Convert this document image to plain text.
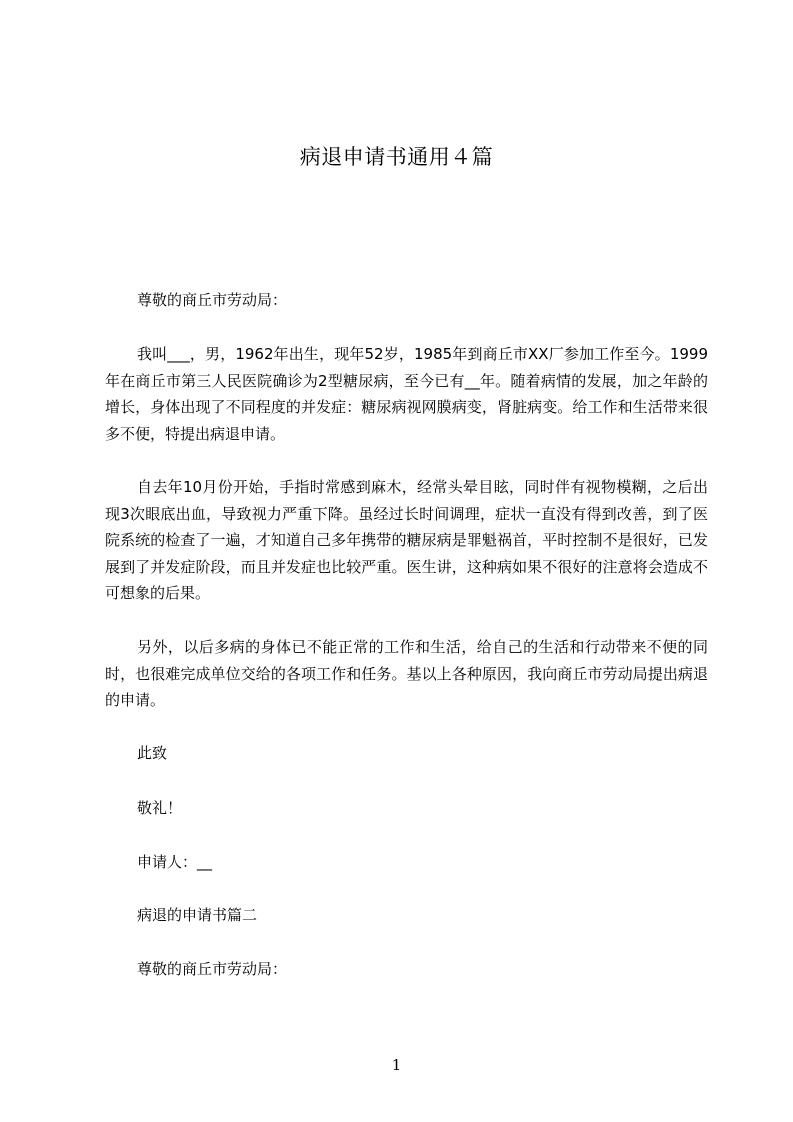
病退申请书通用４篇
尊敬的商丘市劳动局：

我叫___，男，1962年出生，现年52岁，1985年到商丘市XX厂参加工作至今。1999年在商丘市第三人民医院确诊为2型糖尿病，至今已有__年。随着病情的发展，加之年龄的增长，身体出现了不同程度的并发症：糖尿病视网膜病变，肾脏病变。给工作和生活带来很多不便，特提出病退申请。

自去年10月份开始，手指时常感到麻木，经常头晕目眩，同时伴有视物模糊，之后出现3次眼底出血，导致视力严重下降。虽经过长时间调理，症状一直没有得到改善，到了医院系统的检查了一遍，才知道自己多年携带的糖尿病是罪魁祸首，平时控制不是很好，已发展到了并发症阶段，而且并发症也比较严重。医生讲，这种病如果不很好的注意将会造成不可想象的后果。

另外，以后多病的身体已不能正常的工作和生活，给自己的生活和行动带来不便的同时，也很难完成单位交给的各项工作和任务。基以上各种原因，我向商丘市劳动局提出病退的申请。

此致
敬礼！
申请人：__
病退的申请书篇二
尊敬的商丘市劳动局：
1
